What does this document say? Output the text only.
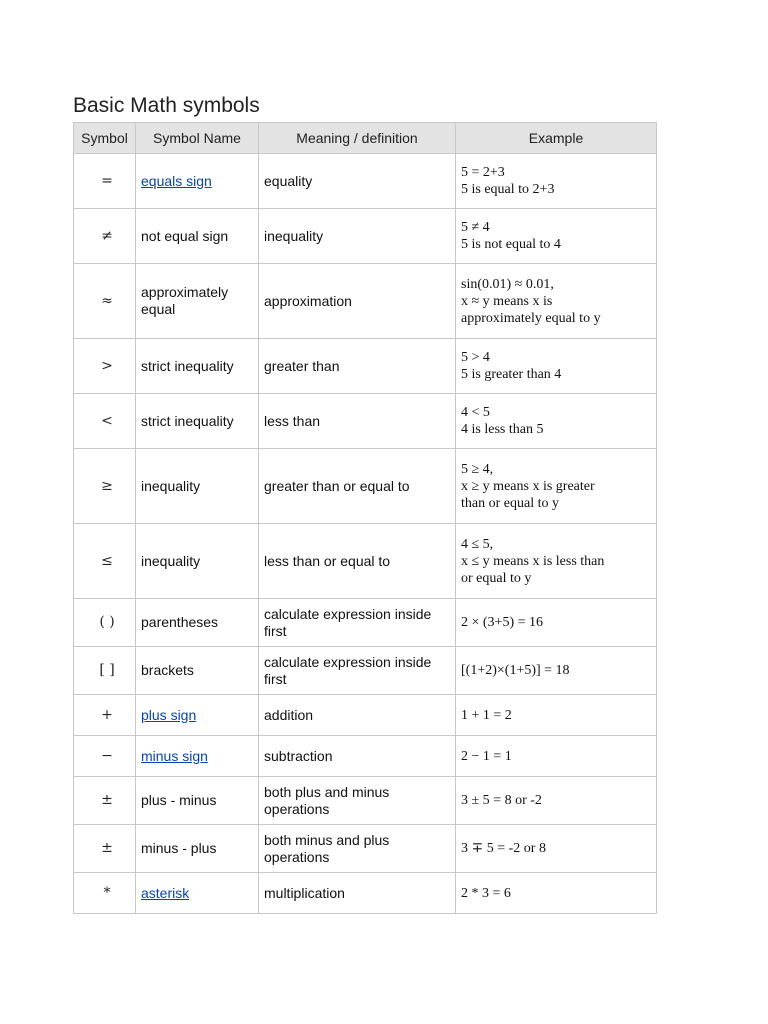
Basic Math symbols
Symbol	Symbol Name	Meaning / definition	Example
=	equals sign	equality	5 = 2+3
5 is equal to 2+3

≠	not equal sign	inequality	5 ≠ 4
5 is not equal to 4

≈	approximately equal	approximation	sin(0.01) ≈ 0.01,
x ≈ y means x is
approximately equal to y

>	strict inequality	greater than	5 > 4
5 is greater than 4

<	strict inequality	less than	4 < 5
4 is less than 5

≥	inequality	greater than or equal to	5 ≥ 4,
x ≥ y means x is greater
than or equal to y

≤	inequality	less than or equal to	4 ≤ 5,
x ≤ y means x is less than
or equal to y

( )	parentheses	calculate expression inside first	2 × (3+5) = 16

[ ]	brackets	calculate expression inside first	[(1+2)×(1+5)] = 18

+	plus sign	addition	1 + 1 = 2

−	minus sign	subtraction	2 − 1 = 1

±	plus - minus	both plus and minus operations	3 ± 5 = 8 or -2

±	minus - plus	both minus and plus operations	3 ∓ 5 = -2 or 8

*	asterisk	multiplication	2 * 3 = 6
